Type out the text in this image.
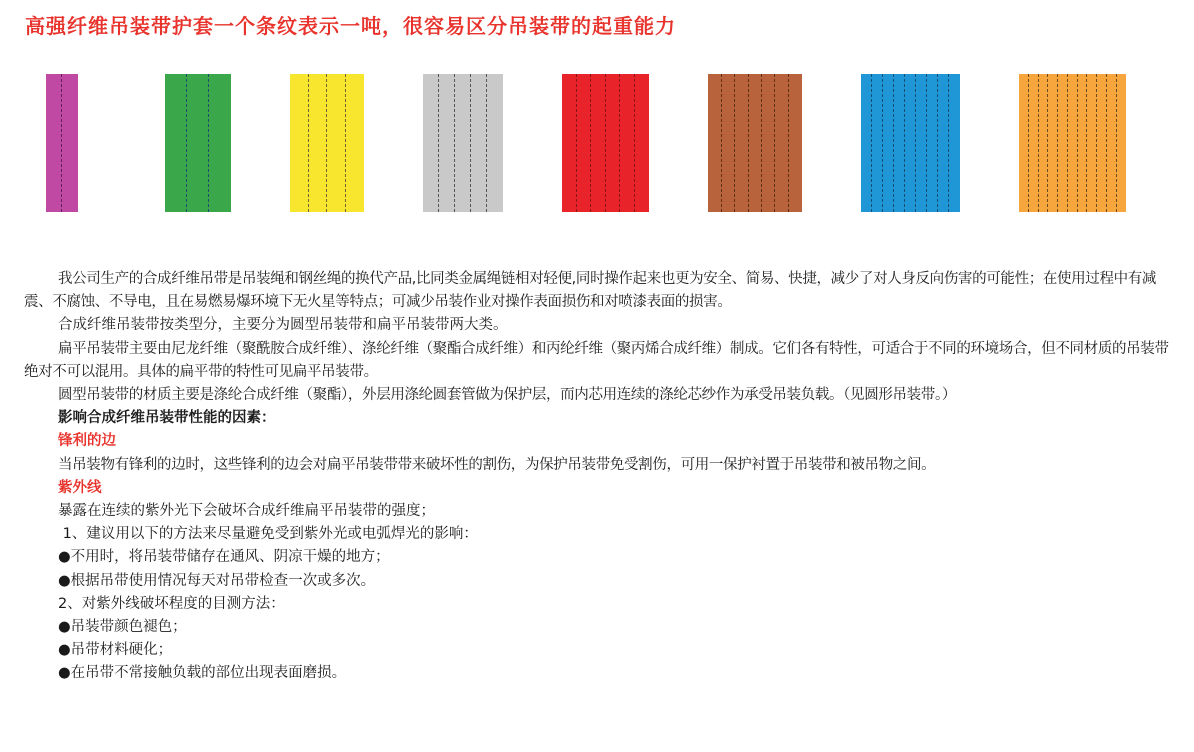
高强纤维吊装带护套一个条纹表示一吨，很容易区分吊装带的起重能力

我公司生产的合成纤维吊带是吊装绳和钢丝绳的换代产品,比同类金属绳链相对轻便,同时操作起来也更为安全、简易、快捷，减少了对人身反向伤害的可能性；在使用过程中有减震、不腐蚀、不导电，且在易燃易爆环境下无火星等特点；可减少吊装作业对操作表面损伤和对喷漆表面的损害。

合成纤维吊装带按类型分，主要分为圆型吊装带和扁平吊装带两大类。

扁平吊装带主要由尼龙纤维（聚酰胺合成纤维）、涤纶纤维（聚酯合成纤维）和丙纶纤维（聚丙烯合成纤维）制成。它们各有特性，可适合于不同的环境场合，但不同材质的吊装带绝对不可以混用。具体的扁平带的特性可见扁平吊装带。

圆型吊装带的材质主要是涤纶合成纤维（聚酯），外层用涤纶圆套管做为保护层，而内芯用连续的涤纶芯纱作为承受吊装负载。（见圆形吊装带。）

影响合成纤维吊装带性能的因素：

锋利的边

当吊装物有锋利的边时，这些锋利的边会对扁平吊装带带来破坏性的割伤，为保护吊装带免受割伤，可用一保护衬置于吊装带和被吊物之间。

紫外线

暴露在连续的紫外光下会破坏合成纤维扁平吊装带的强度；

1、建议用以下的方法来尽量避免受到紫外光或电弧焊光的影响：

●不用时，将吊装带储存在通风、阴凉干燥的地方；

●根据吊带使用情况每天对吊带检查一次或多次。

2、对紫外线破坏程度的目测方法：

●吊装带颜色褪色；

●吊带材料硬化；

●在吊带不常接触负载的部位出现表面磨损。
